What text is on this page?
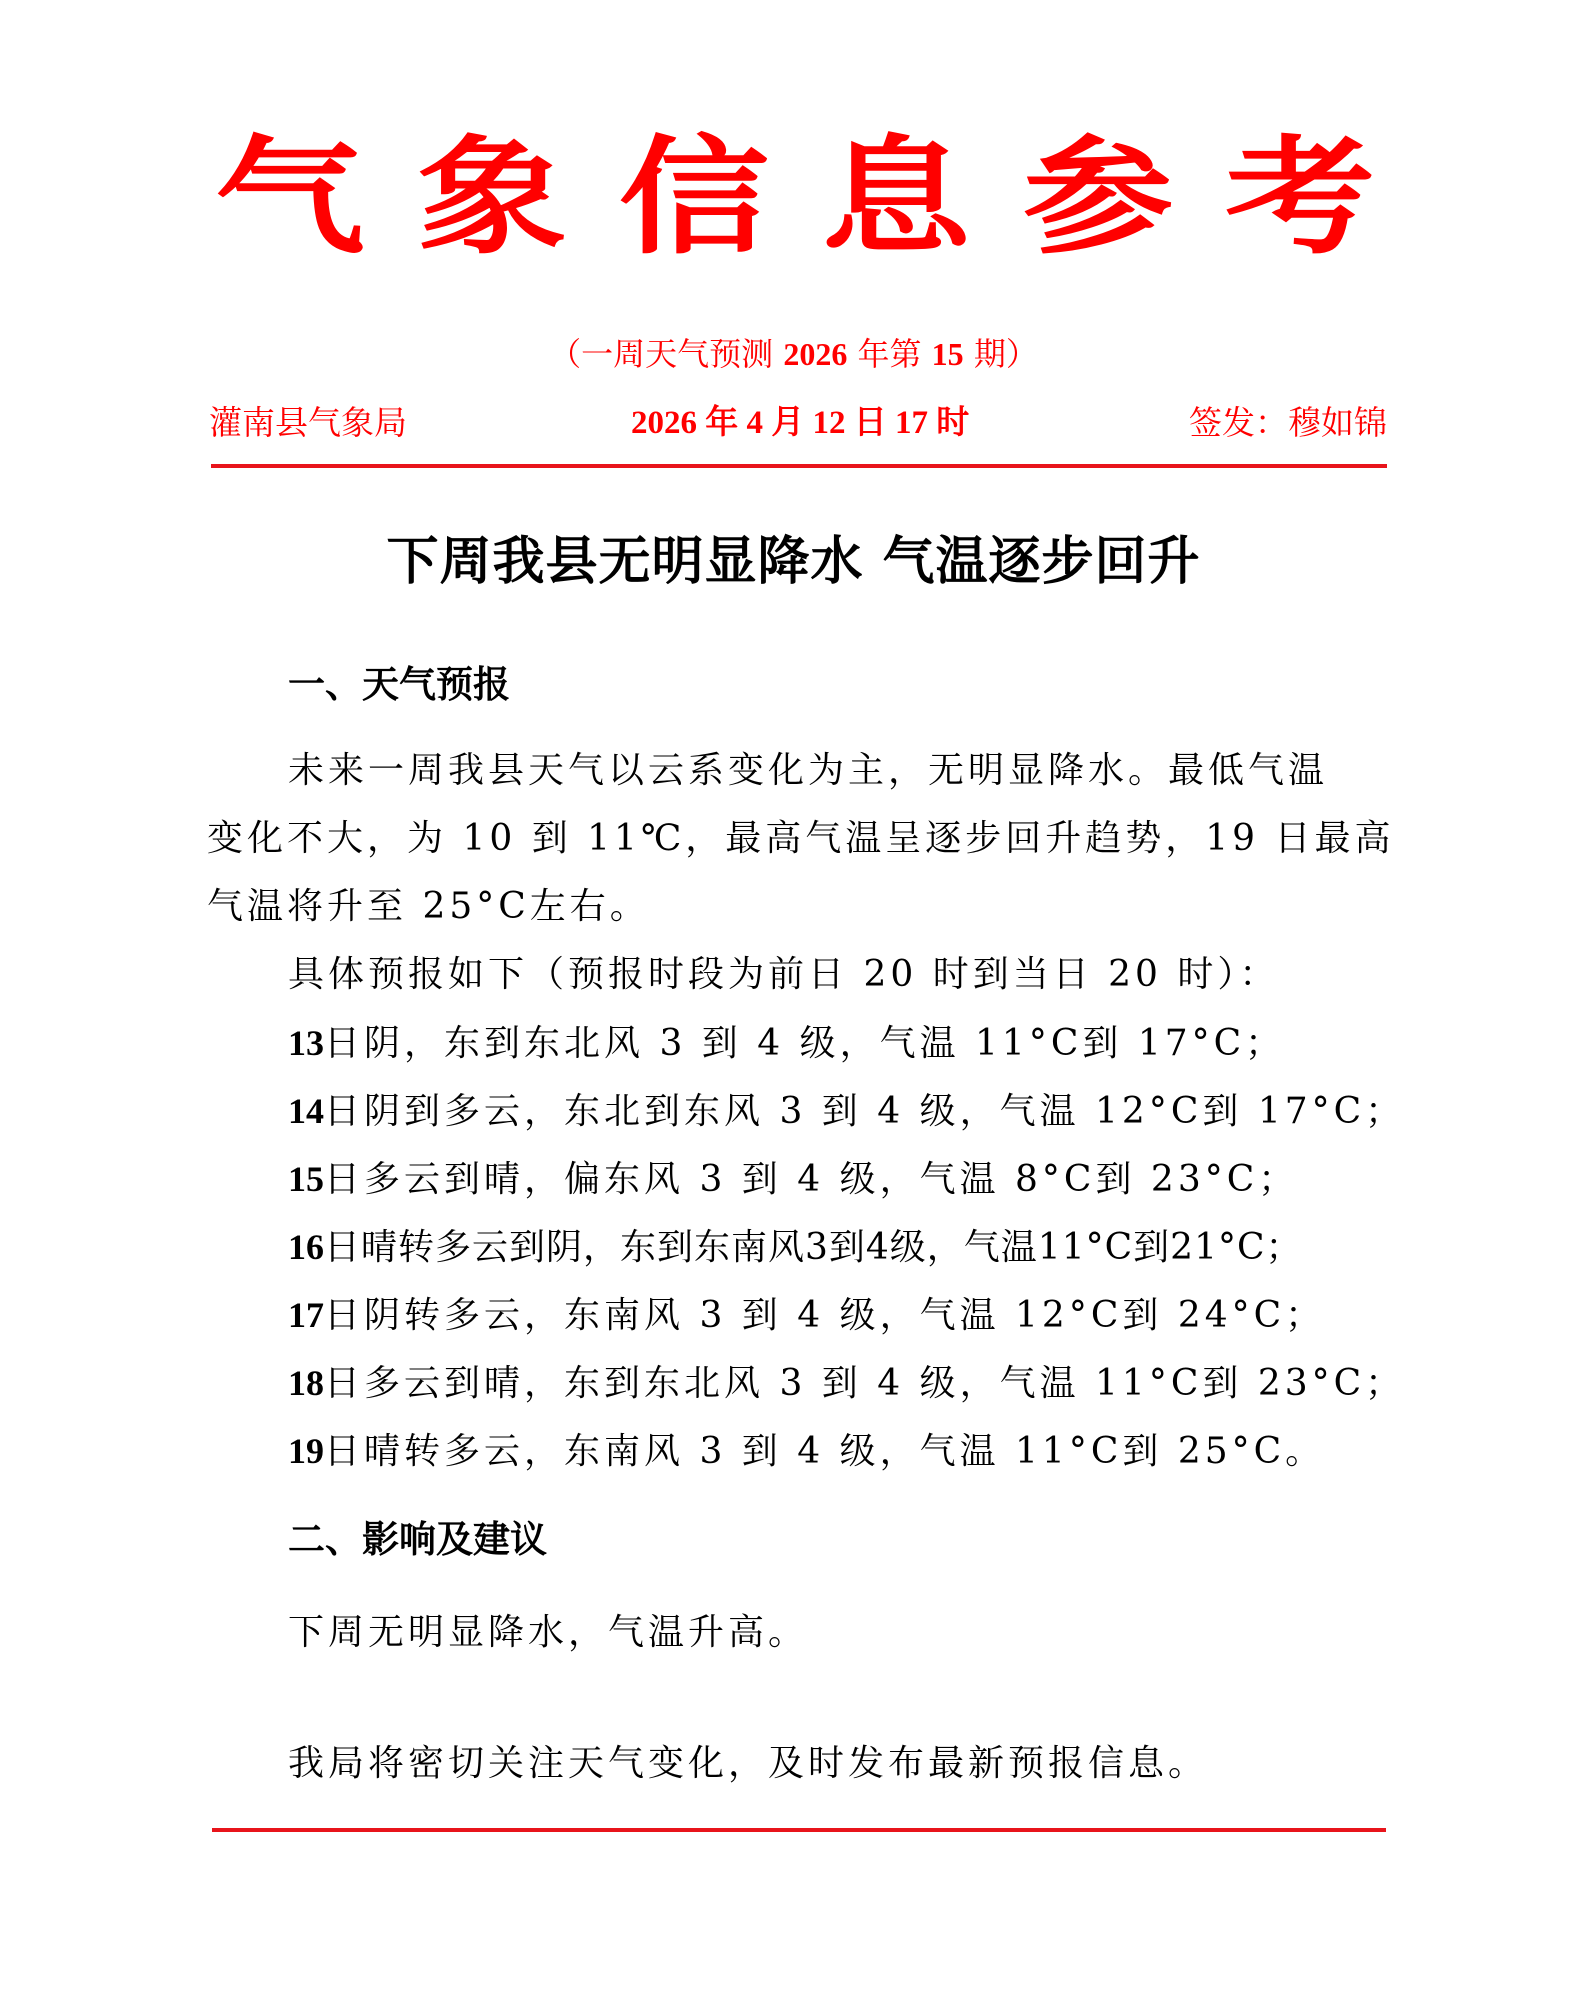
气 象 信 息 参 考
（一周天气预测 2026 年第 15 期）
灌南县气象局	2026 年 4 月 12 日 17 时	签发：穆如锦
下周我县无明显降水 气温逐步回升
一、天气预报
未来一周我县天气以云系变化为主，无明显降水。最低气温
变化不大，为 10 到 11℃，最高气温呈逐步回升趋势，19 日最高
气温将升至 25°C左右。
具体预报如下（预报时段为前日 20 时到当日 20 时）：
13日阴，东到东北风 3 到 4 级，气温 11°C到 17°C；
14日阴到多云，东北到东风 3 到 4 级，气温 12°C到 17°C；
15日多云到晴，偏东风 3 到 4 级，气温 8°C到 23°C；
16日晴转多云到阴，东到东南风3到4级，气温11°C到21°C；
17日阴转多云，东南风 3 到 4 级，气温 12°C到 24°C；
18日多云到晴，东到东北风 3 到 4 级，气温 11°C到 23°C；
19日晴转多云，东南风 3 到 4 级，气温 11°C到 25°C。
二、影响及建议
下周无明显降水，气温升高。
我局将密切关注天气变化，及时发布最新预报信息。
